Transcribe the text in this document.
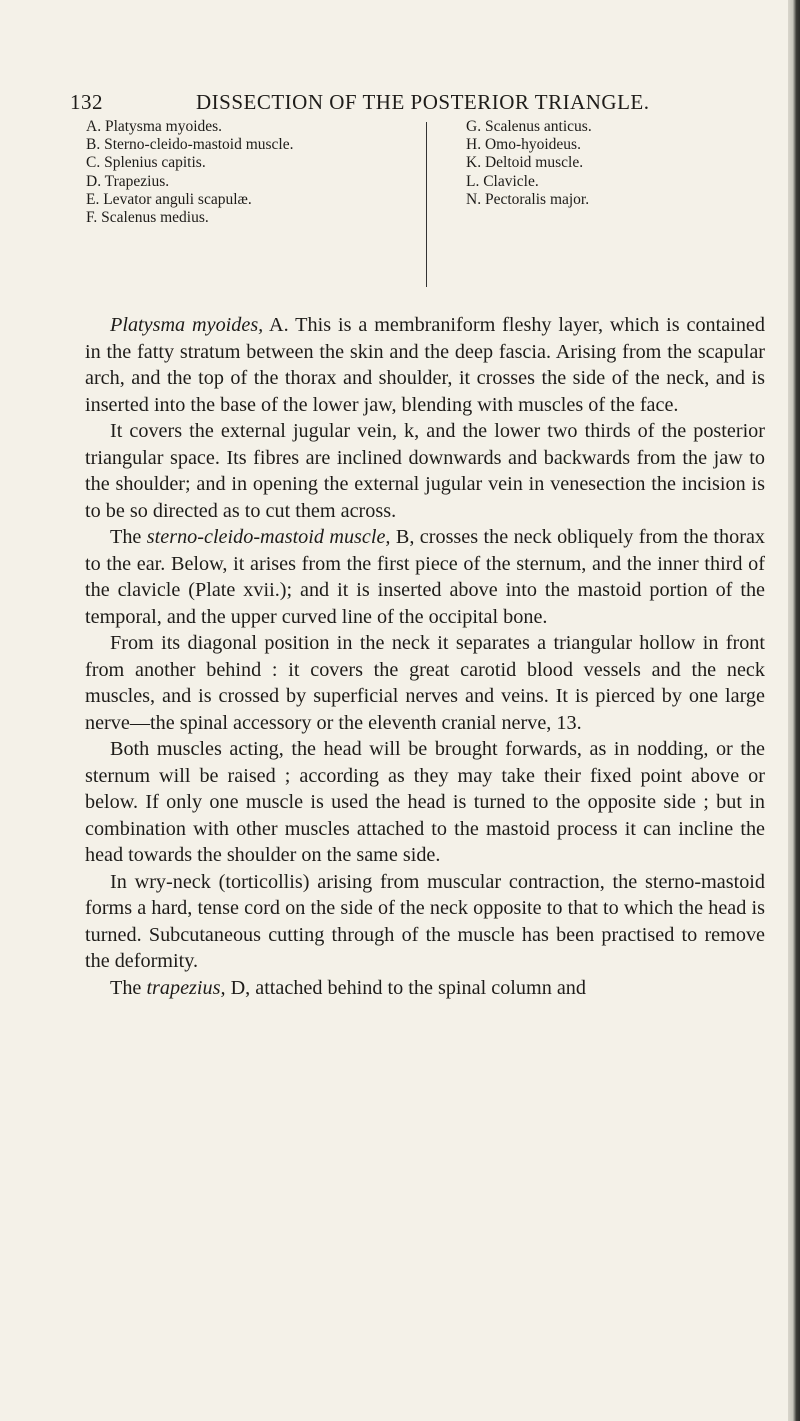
132	DISSECTION OF THE POSTERIOR TRIANGLE.
A. Platysma myoides.
B. Sterno-cleido-mastoid muscle.
C. Splenius capitis.
D. Trapezius.
E. Levator anguli scapulæ.
F. Scalenus medius.
G. Scalenus anticus.
H. Omo-hyoideus.
K. Deltoid muscle.
L. Clavicle.
N. Pectoralis major.

Platysma myoides, A. This is a membraniform fleshy layer, which is contained in the fatty stratum between the skin and the deep fascia. Arising from the scapular arch, and the top of the thorax and shoulder, it crosses the side of the neck, and is inserted into the base of the lower jaw, blending with muscles of the face.

It covers the external jugular vein, k, and the lower two thirds of the posterior triangular space. Its fibres are inclined downwards and backwards from the jaw to the shoulder; and in opening the external jugular vein in venesection the incision is to be so directed as to cut them across.

The sterno-cleido-mastoid muscle, B, crosses the neck obliquely from the thorax to the ear. Below, it arises from the first piece of the sternum, and the inner third of the clavicle (Plate xvii.); and it is inserted above into the mastoid portion of the temporal, and the upper curved line of the occipital bone.

From its diagonal position in the neck it separates a triangular hollow in front from another behind : it covers the great carotid blood vessels and the neck muscles, and is crossed by superficial nerves and veins. It is pierced by one large nerve—the spinal accessory or the eleventh cranial nerve, 13.

Both muscles acting, the head will be brought forwards, as in nodding, or the sternum will be raised ; according as they may take their fixed point above or below. If only one muscle is used the head is turned to the opposite side ; but in combination with other muscles attached to the mastoid process it can incline the head towards the shoulder on the same side.

In wry-neck (torticollis) arising from muscular contraction, the sterno-mastoid forms a hard, tense cord on the side of the neck opposite to that to which the head is turned. Subcutaneous cutting through of the muscle has been practised to remove the deformity.

The trapezius, D, attached behind to the spinal column and
